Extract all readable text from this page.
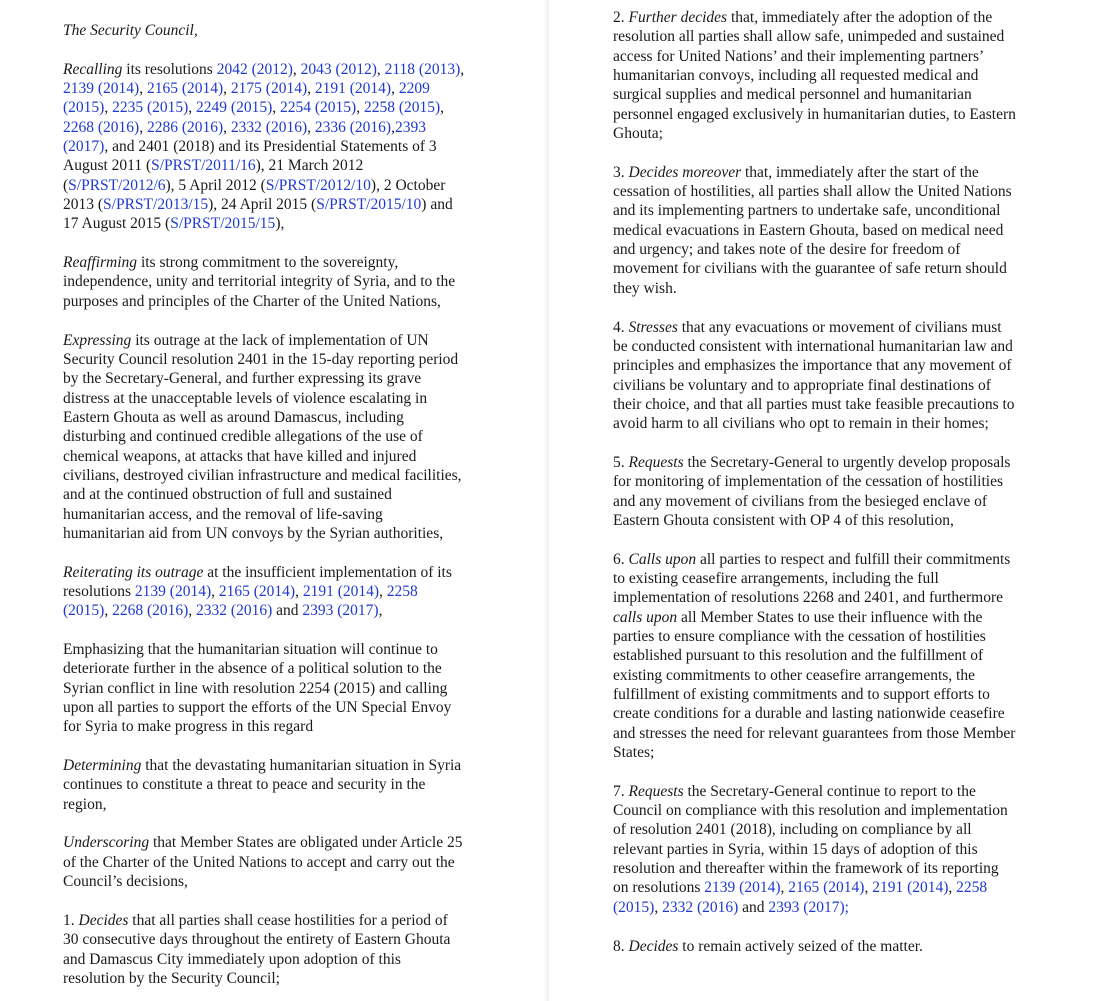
The Security Council,
Recalling its resolutions 2042 (2012), 2043 (2012), 2118 (2013),
2139 (2014), 2165 (2014), 2175 (2014), 2191 (2014), 2209
(2015), 2235 (2015), 2249 (2015), 2254 (2015), 2258 (2015),
2268 (2016), 2286 (2016), 2332 (2016), 2336 (2016),2393
(2017), and 2401 (2018) and its Presidential Statements of 3
August 2011 (S/PRST/2011/16), 21 March 2012
(S/PRST/2012/6), 5 April 2012 (S/PRST/2012/10), 2 October
2013 (S/PRST/2013/15), 24 April 2015 (S/PRST/2015/10) and
17 August 2015 (S/PRST/2015/15),
Reaffirming its strong commitment to the sovereignty,
independence, unity and territorial integrity of Syria, and to the
purposes and principles of the Charter of the United Nations,
Expressing its outrage at the lack of implementation of UN
Security Council resolution 2401 in the 15-day reporting period
by the Secretary-General, and further expressing its grave
distress at the unacceptable levels of violence escalating in
Eastern Ghouta as well as around Damascus, including
disturbing and continued credible allegations of the use of
chemical weapons, at attacks that have killed and injured
civilians, destroyed civilian infrastructure and medical facilities,
and at the continued obstruction of full and sustained
humanitarian access, and the removal of life-saving
humanitarian aid from UN convoys by the Syrian authorities,
Reiterating its outrage at the insufficient implementation of its
resolutions 2139 (2014), 2165 (2014), 2191 (2014), 2258
(2015), 2268 (2016), 2332 (2016) and 2393 (2017),
Emphasizing that the humanitarian situation will continue to
deteriorate further in the absence of a political solution to the
Syrian conflict in line with resolution 2254 (2015) and calling
upon all parties to support the efforts of the UN Special Envoy
for Syria to make progress in this regard
Determining that the devastating humanitarian situation in Syria
continues to constitute a threat to peace and security in the
region,
Underscoring that Member States are obligated under Article 25
of the Charter of the United Nations to accept and carry out the
Council’s decisions,
1. Decides that all parties shall cease hostilities for a period of
30 consecutive days throughout the entirety of Eastern Ghouta
and Damascus City immediately upon adoption of this
resolution by the Security Council;
2. Further decides that, immediately after the adoption of the
resolution all parties shall allow safe, unimpeded and sustained
access for United Nations’ and their implementing partners’
humanitarian convoys, including all requested medical and
surgical supplies and medical personnel and humanitarian
personnel engaged exclusively in humanitarian duties, to Eastern
Ghouta;
3. Decides moreover that, immediately after the start of the
cessation of hostilities, all parties shall allow the United Nations
and its implementing partners to undertake safe, unconditional
medical evacuations in Eastern Ghouta, based on medical need
and urgency; and takes note of the desire for freedom of
movement for civilians with the guarantee of safe return should
they wish.
4. Stresses that any evacuations or movement of civilians must
be conducted consistent with international humanitarian law and
principles and emphasizes the importance that any movement of
civilians be voluntary and to appropriate final destinations of
their choice, and that all parties must take feasible precautions to
avoid harm to all civilians who opt to remain in their homes;
5. Requests the Secretary-General to urgently develop proposals
for monitoring of implementation of the cessation of hostilities
and any movement of civilians from the besieged enclave of
Eastern Ghouta consistent with OP 4 of this resolution,
6. Calls upon all parties to respect and fulfill their commitments
to existing ceasefire arrangements, including the full
implementation of resolutions 2268 and 2401, and furthermore
calls upon all Member States to use their influence with the
parties to ensure compliance with the cessation of hostilities
established pursuant to this resolution and the fulfillment of
existing commitments to other ceasefire arrangements, the
fulfillment of existing commitments and to support efforts to
create conditions for a durable and lasting nationwide ceasefire
and stresses the need for relevant guarantees from those Member
States;
7. Requests the Secretary-General continue to report to the
Council on compliance with this resolution and implementation
of resolution 2401 (2018), including on compliance by all
relevant parties in Syria, within 15 days of adoption of this
resolution and thereafter within the framework of its reporting
on resolutions 2139 (2014), 2165 (2014), 2191 (2014), 2258
(2015), 2332 (2016) and 2393 (2017);
8. Decides to remain actively seized of the matter.
